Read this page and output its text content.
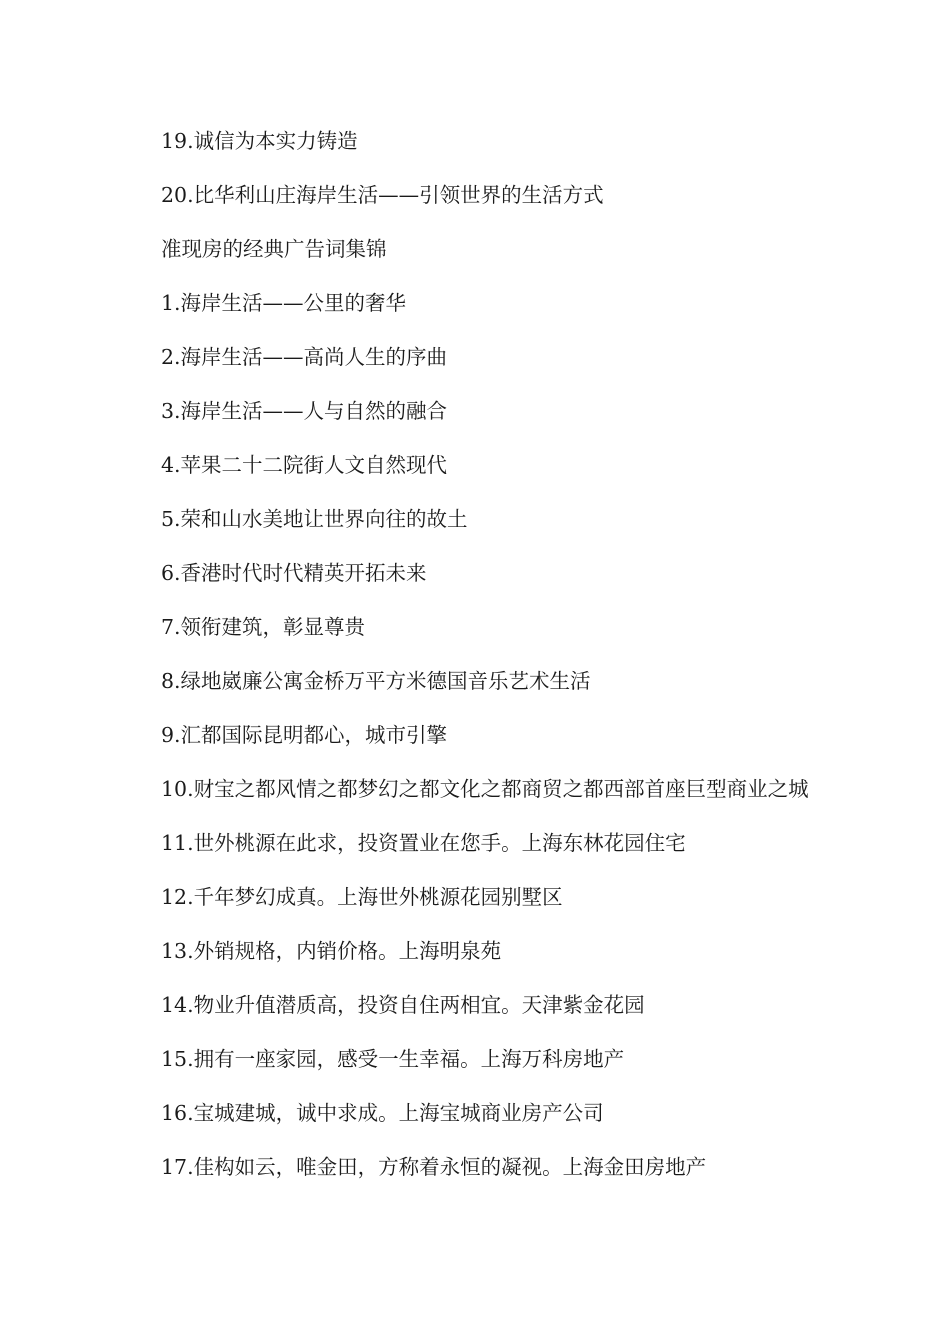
19.诚信为本实力铸造

20.比华利山庄海岸生活——引领世界的生活方式

准现房的经典广告词集锦

1.海岸生活——公里的奢华

2.海岸生活——高尚人生的序曲

3.海岸生活——人与自然的融合

4.苹果二十二院街人文自然现代

5.荣和山水美地让世界向往的故土

6.香港时代时代精英开拓未来

7.领衔建筑，彰显尊贵

8.绿地崴廉公寓金桥万平方米德国音乐艺术生活

9.汇都国际昆明都心，城市引擎

10.财宝之都风情之都梦幻之都文化之都商贸之都西部首座巨型商业之城

11.世外桃源在此求，投资置业在您手。上海东林花园住宅

12.千年梦幻成真。上海世外桃源花园别墅区

13.外销规格，内销价格。上海明泉苑

14.物业升值潜质高，投资自住两相宜。天津紫金花园

15.拥有一座家园，感受一生幸福。上海万科房地产

16.宝城建城，诚中求成。上海宝城商业房产公司

17.佳构如云，唯金田，方称着永恒的凝视。上海金田房地产
